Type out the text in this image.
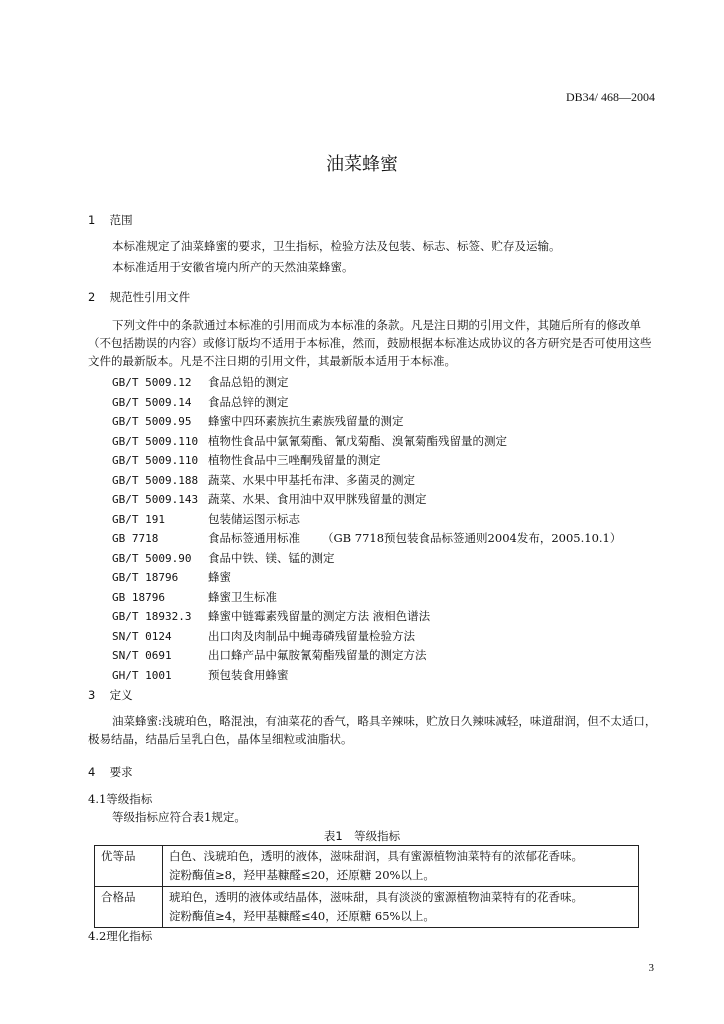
DB34/ 468—2004
油菜蜂蜜
1 范围
本标准规定了油菜蜂蜜的要求，卫生指标，检验方法及包装、标志、标签、贮存及运输。
本标准适用于安徽省境内所产的天然油菜蜂蜜。
2 规范性引用文件
下列文件中的条款通过本标准的引用而成为本标准的条款。凡是注日期的引用文件，其随后所有的修改单（不包括勘误的内容）或修订版均不适用于本标准，然而，鼓励根据本标准达成协议的各方研究是否可使用这些文件的最新版本。凡是不注日期的引用文件，其最新版本适用于本标准。
GB/T 5009.12 食品总铅的测定
GB/T 5009.14 食品总锌的测定
GB/T 5009.95 蜂蜜中四环素族抗生素族残留量的测定
GB/T 5009.110 植物性食品中氯氰菊酯、氰戊菊酯、溴氰菊酯残留量的测定
GB/T 5009.110 植物性食品中三唑酮残留量的测定
GB/T 5009.188 蔬菜、水果中甲基托布津、多菌灵的测定
GB/T 5009.143 蔬菜、水果、食用油中双甲脒残留量的测定
GB/T 191	包装储运图示标志
GB 7718	食品标签通用标准 （GB 7718预包装食品标签通则2004发布，2005.10.1）
GB/T 5009.90 食品中铁、镁、锰的测定
GB/T 18796	蜂蜜
GB 18796	蜂蜜卫生标准
GB/T 18932.3 蜂蜜中链霉素残留量的测定方法 液相色谱法
SN/T 0124	出口肉及肉制品中蝇毒磷残留量检验方法
SN/T 0691	出口蜂产品中氟胺氰菊酯残留量的测定方法
GH/T 1001	预包装食用蜂蜜
3 定义
油菜蜂蜜:浅琥珀色，略混浊，有油菜花的香气，略具辛辣味，贮放日久辣味减轻，味道甜润，但不太适口，极易结晶，结晶后呈乳白色，晶体呈细粒或油脂状。
4 要求
4.1等级指标
等级指标应符合表1规定。
表1　等级指标
优等品	白色、浅琥珀色，透明的液体，滋味甜润，具有蜜源植物油菜特有的浓郁花香味。
淀粉酶值≥8，羟甲基糠醛≤20，还原糖 20%以上。

合格品	琥珀色，透明的液体或结晶体，滋味甜，具有淡淡的蜜源植物油菜特有的花香味。
淀粉酶值≥4，羟甲基糠醛≤40，还原糖 65%以上。
4.2理化指标
3
